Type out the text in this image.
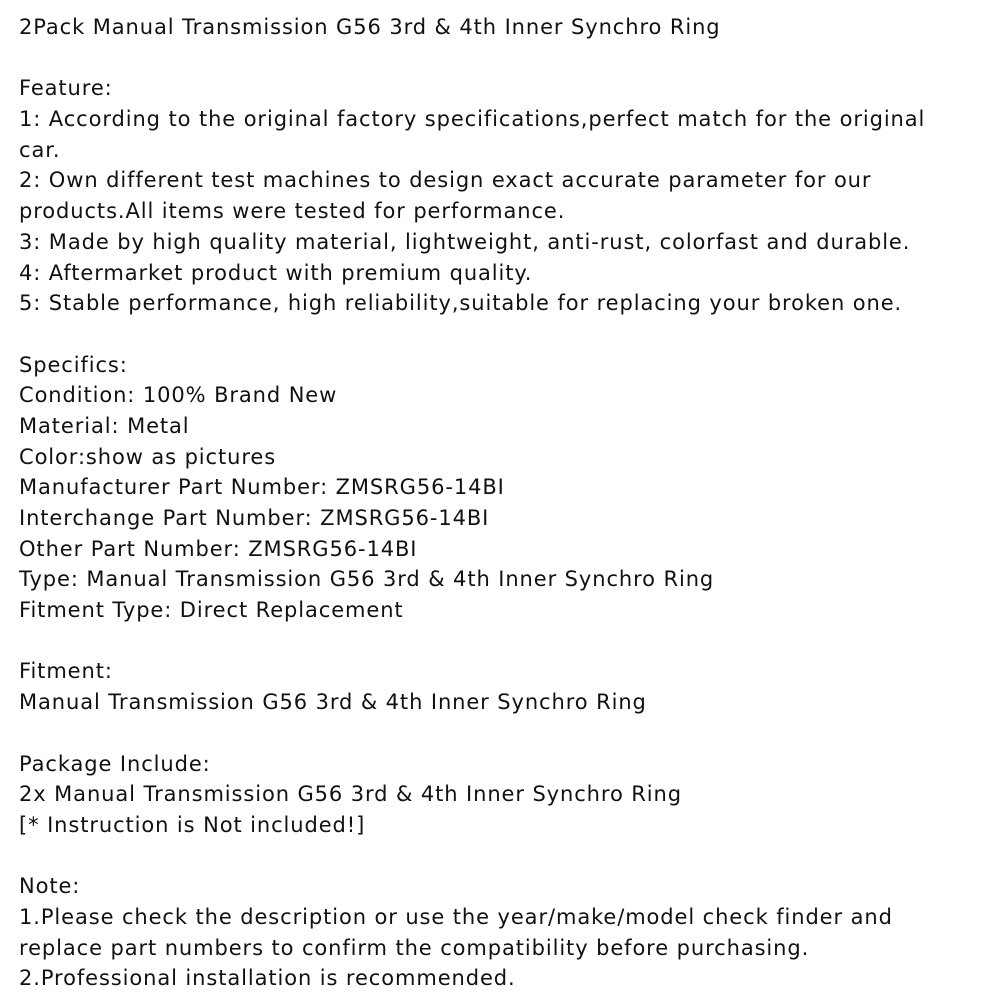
2Pack Manual Transmission G56 3rd & 4th Inner Synchro Ring
Feature:
1: According to the original factory specifications,perfect match for the original
car.
2: Own different test machines to design exact accurate parameter for our
products.All items were tested for performance.
3: Made by high quality material, lightweight, anti-rust, colorfast and durable.
4: Aftermarket product with premium quality.
5: Stable performance, high reliability,suitable for replacing your broken one.
Specifics:
Condition: 100% Brand New
Material: Metal
Color:show as pictures
Manufacturer Part Number: ZMSRG56-14BI
Interchange Part Number: ZMSRG56-14BI
Other Part Number: ZMSRG56-14BI
Type: Manual Transmission G56 3rd & 4th Inner Synchro Ring
Fitment Type: Direct Replacement
Fitment:
Manual Transmission G56 3rd & 4th Inner Synchro Ring
Package Include:
2x Manual Transmission G56 3rd & 4th Inner Synchro Ring
[* Instruction is Not included!]
Note:
1.Please check the description or use the year/make/model check finder and
replace part numbers to confirm the compatibility before purchasing.
2.Professional installation is recommended.
